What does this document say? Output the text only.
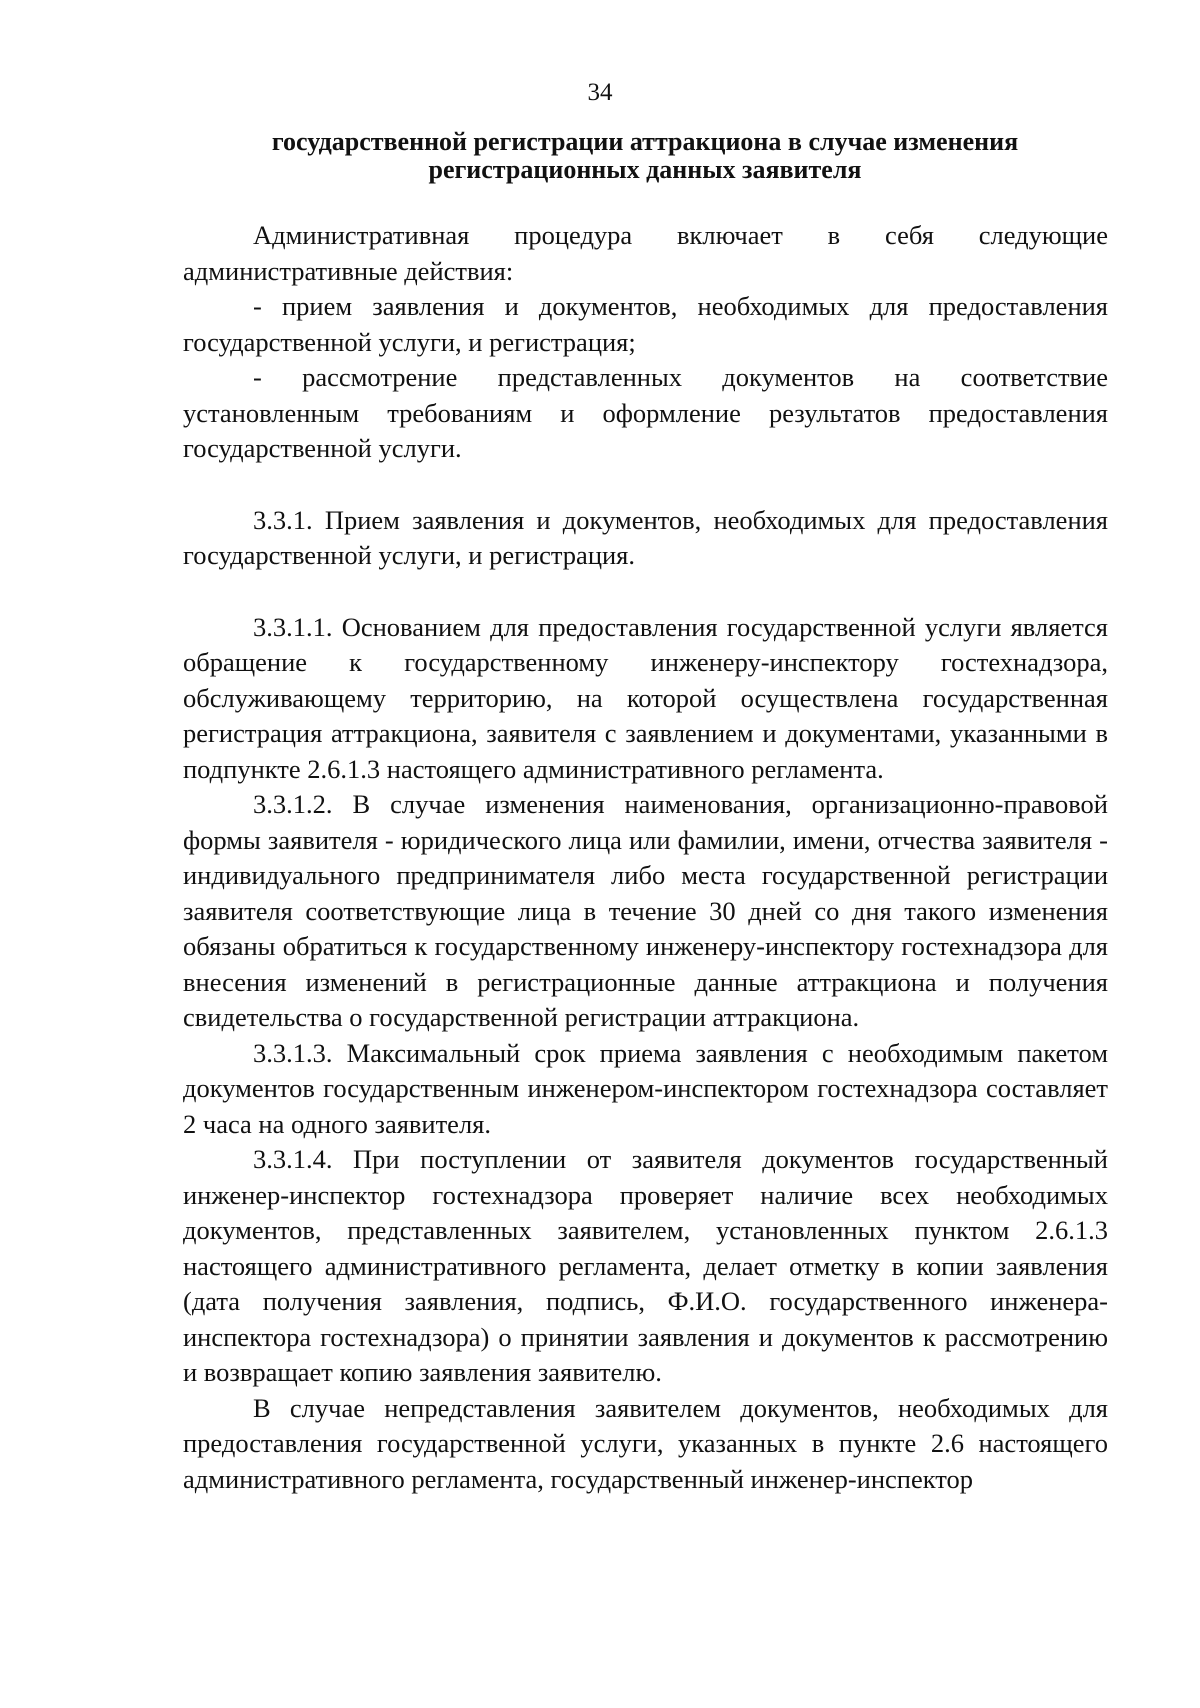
34
государственной регистрации аттракциона в случае изменения
регистрационных данных заявителя

Административная процедура включает в себя следующие административные действия:

- прием заявления и документов, необходимых для предоставления государственной услуги, и регистрация;

- рассмотрение представленных документов на соответствие установленным требованиям и оформление результатов предоставления государственной услуги.

3.3.1. Прием заявления и документов, необходимых для предоставления государственной услуги, и регистрация.

3.3.1.1. Основанием для предоставления государственной услуги является обращение к государственному инженеру-инспектору гостехнадзора, обслуживающему территорию, на которой осуществлена государственная регистрация аттракциона, заявителя с заявлением и документами, указанными в подпункте 2.6.1.3 настоящего административного регламента.

3.3.1.2. В случае изменения наименования, организационно-правовой формы заявителя - юридического лица или фамилии, имени, отчества заявителя - индивидуального предпринимателя либо места государственной регистрации заявителя соответствующие лица в течение 30 дней со дня такого изменения обязаны обратиться к государственному инженеру-инспектору гостехнадзора для внесения изменений в регистрационные данные аттракциона и получения свидетельства о государственной регистрации аттракциона.

3.3.1.3. Максимальный срок приема заявления с необходимым пакетом документов государственным инженером-инспектором гостехнадзора составляет 2 часа на одного заявителя.

3.3.1.4. При поступлении от заявителя документов государственный инженер-инспектор гостехнадзора проверяет наличие всех необходимых документов, представленных заявителем, установленных пунктом 2.6.1.3 настоящего административного регламента, делает отметку в копии заявления (дата получения заявления, подпись, Ф.И.О. государственного инженера-инспектора гостехнадзора) о принятии заявления и документов к рассмотрению и возвращает копию заявления заявителю.

В случае непредставления заявителем документов, необходимых для предоставления государственной услуги, указанных в пункте 2.6 настоящего административного регламента, государственный инженер-инспектор
